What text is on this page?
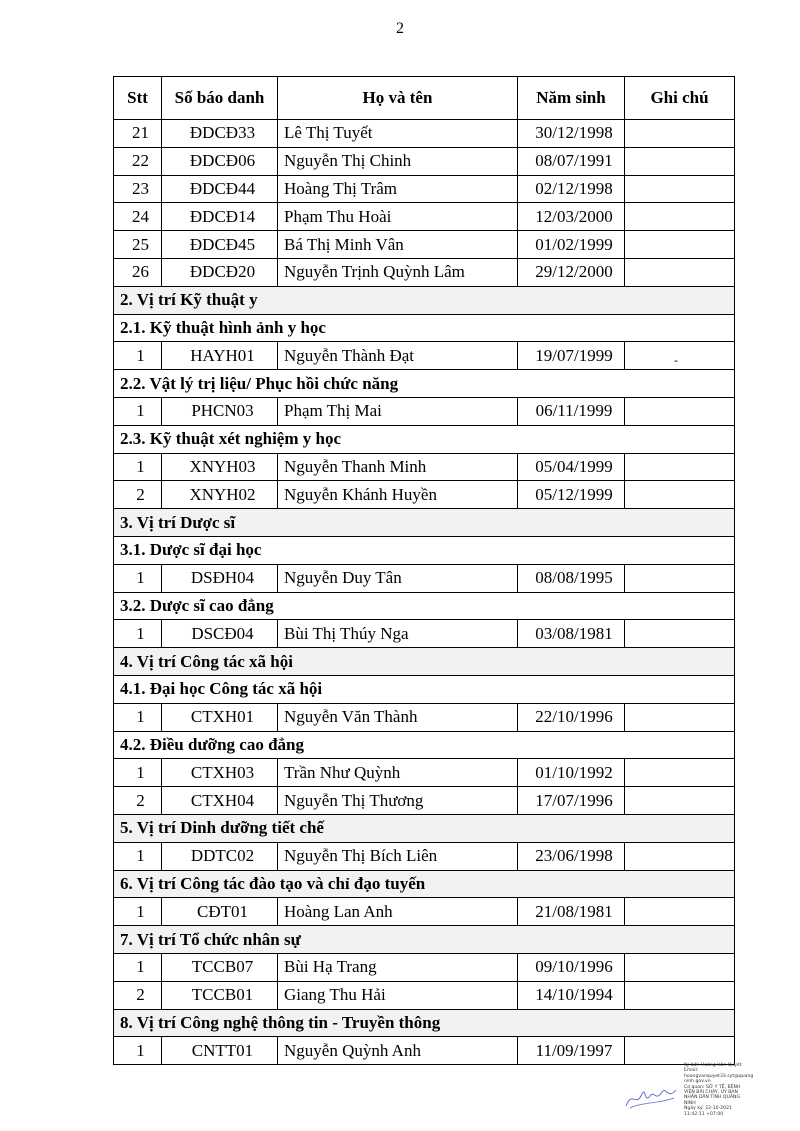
2
Stt	Số báo danh	Họ và tên	Năm sinh	Ghi chú
21	ĐDCĐ33	Lê Thị Tuyết	30/12/1998	
22	ĐDCĐ06	Nguyễn Thị Chinh	08/07/1991	
23	ĐDCĐ44	Hoàng Thị Trâm	02/12/1998	
24	ĐDCĐ14	Phạm Thu Hoài	12/03/2000	
25	ĐDCĐ45	Bá Thị Minh Vân	01/02/1999	
26	ĐDCĐ20	Nguyễn Trịnh Quỳnh Lâm	29/12/2000	
2. Vị trí Kỹ thuật y				
2.1. Kỹ thuật hình ảnh y học				
1	HAYH01	Nguyễn Thành Đạt	19/07/1999	
2.2. Vật lý trị liệu/ Phục hồi chức năng				
1	PHCN03	Phạm Thị Mai	06/11/1999	
2.3. Kỹ thuật xét nghiệm y học				
1	XNYH03	Nguyễn Thanh Minh	05/04/1999	
2	XNYH02	Nguyễn Khánh Huyền	05/12/1999	
3. Vị trí Dược sĩ				
3.1. Dược sĩ đại học				
1	DSĐH04	Nguyễn Duy Tân	08/08/1995	
3.2. Dược sĩ cao đẳng				
1	DSCĐ04	Bùi Thị Thúy Nga	03/08/1981	
4. Vị trí Công tác xã hội				
4.1. Đại học Công tác xã hội				
1	CTXH01	Nguyễn Văn Thành	22/10/1996	
4.2. Điều dưỡng cao đẳng				
1	CTXH03	Trần Như Quỳnh	01/10/1992	
2	CTXH04	Nguyễn Thị Thương	17/07/1996	
5. Vị trí Dinh dưỡng tiết chế				
1	DDTC02	Nguyễn Thị Bích Liên	23/06/1998	
6. Vị trí Công tác đào tạo và chỉ đạo tuyến				
1	CĐT01	Hoàng Lan Anh	21/08/1981	
7. Vị trí Tổ chức nhân sự				
1	TCCB07	Bùi Hạ Trang	09/10/1996	
2	TCCB01	Giang Thu Hải	14/10/1994	
8. Vị trí Công nghệ thông tin - Truyền thông				
1	CNTT01	Nguyễn Quỳnh Anh	11/09/1997	
-
Ký bởi: Hoàng Văn Quyết
Email:
hoangvanquyet33.syt@quang
ninh.gov.vn
Cơ quan: SỞ Y TẾ, BỆNH
VIỆN BÃI CHÁY, ỦY BAN
NHÂN DÂN TỈNH QUẢNG
NINH
Ngày ký: 22-10-2021
11:42:11 +07:00
